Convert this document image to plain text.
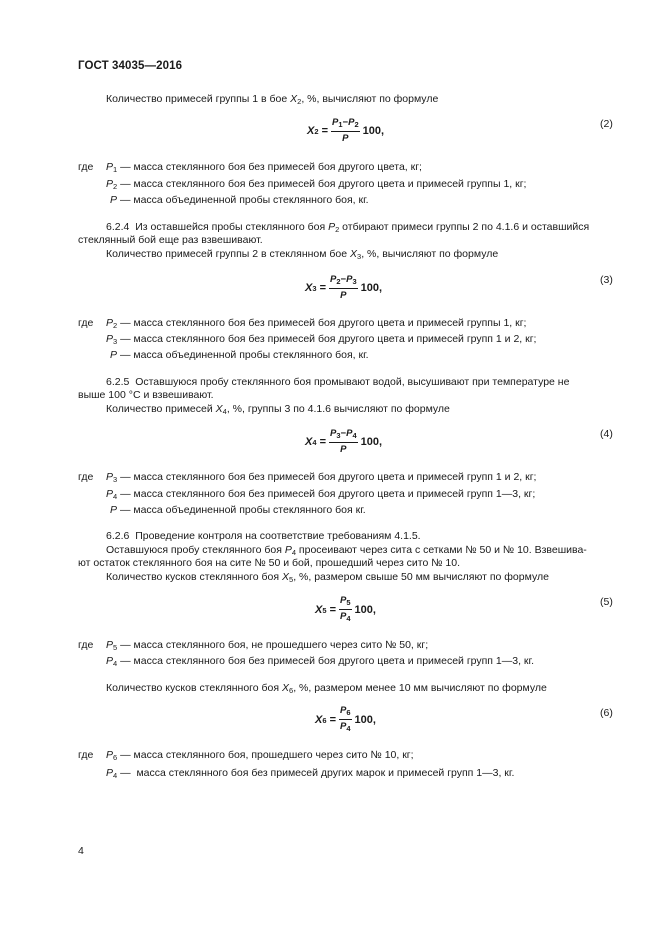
ГОСТ 34035—2016
Количество примесей группы 1 в бое $X_2$, %, вычисляют по формуле
X 2
= $\frac{P_1-P_2}{P} 100$,
(2)
где $P_1$ — масса стеклянного боя без примесей боя другого цвета, кг;
$P_2$ — масса стеклянного боя без примесей боя другого цвета и примесей группы 1, кг;
P — масса объединенной пробы стеклянного боя, кг.
6.2.4 Из оставшейся пробы стеклянного боя $P_2$ отбирают примеси группы 2 по 4.1.6 и оставшийся
стеклянный бой еще раз взвешивают.
Количество примесей группы 2 в стеклянном бое $X_3$, %, вычисляют по формуле
X 3
= $\frac{P_2-P_3}{P} 100$,
(3)
где $P_2$ — масса стеклянного боя без примесей боя другого цвета и примесей группы 1, кг;
$P_3$ — масса стеклянного боя без примесей боя другого цвета и примесей групп 1 и 2, кг;
P — масса объединенной пробы стеклянного боя, кг.
6.2.5 Оставшуюся пробу стеклянного боя промывают водой, высушивают при температуре не
выше 100 °С и взвешивают.
Количество примесей $X_4$, %, группы 3 по 4.1.6 вычисляют по формуле
X 4
= $\frac{P_3-P_4}{P} 100$,
(4)
где $P_3$ — масса стеклянного боя без примесей боя другого цвета и примесей групп 1 и 2, кг;
$P_4$ — масса стеклянного боя без примесей боя другого цвета и примесей групп 1—3, кг;
P — масса объединенной пробы стеклянного боя кг.
6.2.6 Проведение контроля на соответствие требованиям 4.1.5.
Оставшуюся пробу стеклянного боя $P_4$ просеивают через сита с сетками № 50 и № 10. Взвешива-
ют остаток стеклянного боя на сите № 50 и бой, прошедший через сито № 10.
Количество кусков стеклянного боя $X_5$, %, размером свыше 50 мм вычисляют по формуле
X 5
= $\frac{P_5}{P_4} 100$,
(5)
где $P_5$ — масса стеклянного боя, не прошедшего через сито № 50, кг;
$P_4$ — масса стеклянного боя без примесей боя другого цвета и примесей групп 1—3, кг.
Количество кусков стеклянного боя $X_6$, %, размером менее 10 мм вычисляют по формуле
X 6
= $\frac{P_6}{P_4} 100$,
(6)
где $P_6$ — масса стеклянного боя, прошедшего через сито № 10, кг;
$P_4$ — масса стеклянного боя без примесей других марок и примесей групп 1—3, кг.
4
